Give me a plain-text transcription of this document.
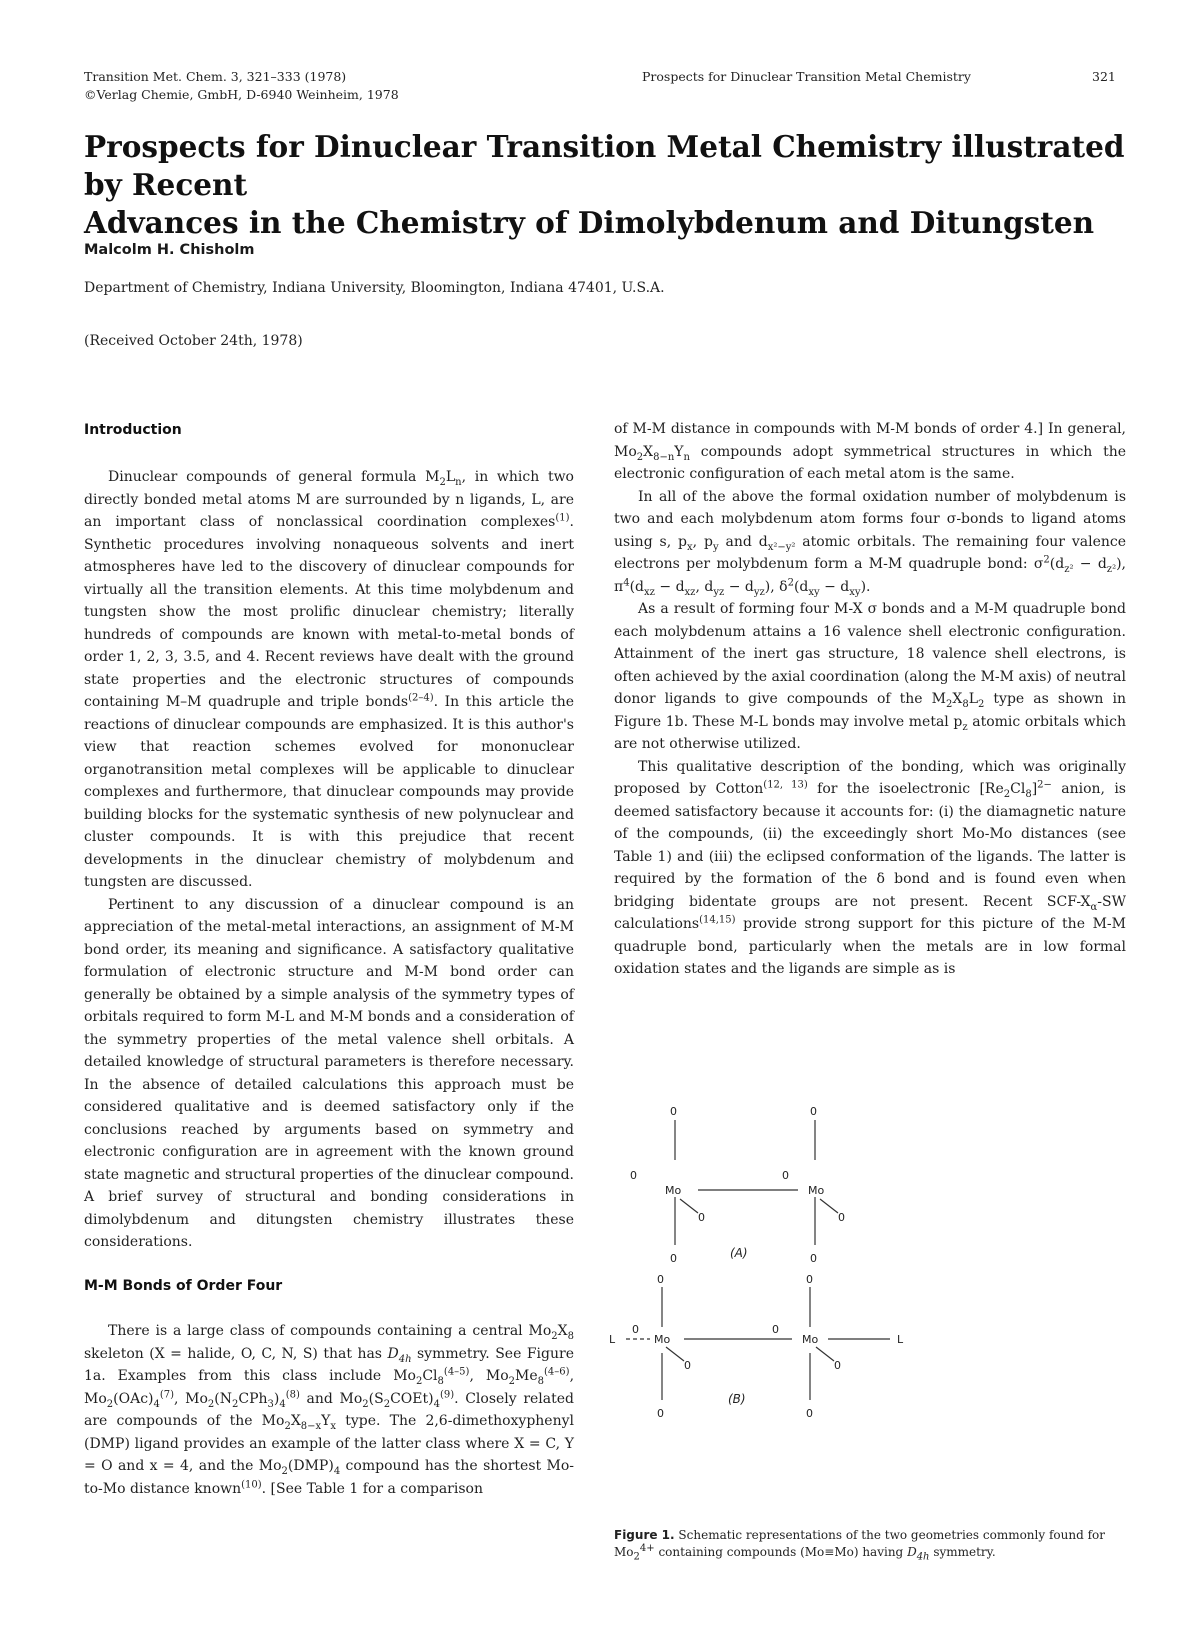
Transition Met. Chem. 3, 321–333 (1978)
©Verlag Chemie, GmbH, D-6940 Weinheim, 1978
Prospects for Dinuclear Transition Metal Chemistry	321
Prospects for Dinuclear Transition Metal Chemistry illustrated by Recent
Advances in the Chemistry of Dimolybdenum and Ditungsten
Malcolm H. Chisholm
Department of Chemistry, Indiana University, Bloomington, Indiana 47401, U.S.A.
(Received October 24th, 1978)
Introduction

Dinuclear compounds of general formula $M_2L_n$, in which two directly bonded metal atoms M are surrounded by n ligands, L, are an important class of nonclassical coordination complexes$^{(1)}$. Synthetic procedures involving nonaqueous solvents and inert atmospheres have led to the discovery of dinuclear compounds for virtually all the transition elements. At this time molybdenum and tungsten show the most prolific dinuclear chemistry; literally hundreds of compounds are known with metal-to-metal bonds of order 1, 2, 3, 3.5, and 4. Recent reviews have dealt with the ground state properties and the electronic structures of compounds containing M–M quadruple and triple bonds$^{(2-4)}$. In this article the reactions of dinuclear compounds are emphasized. It is this author's view that reaction schemes evolved for mononuclear organotransition metal complexes will be applicable to dinuclear complexes and furthermore, that dinuclear compounds may provide building blocks for the systematic synthesis of new polynuclear and cluster compounds. It is with this prejudice that recent developments in the dinuclear chemistry of molybdenum and tungsten are discussed.

Pertinent to any discussion of a dinuclear compound is an appreciation of the metal-metal interactions, an assignment of M-M bond order, its meaning and significance. A satisfactory qualitative formulation of electronic structure and M-M bond order can generally be obtained by a simple analysis of the symmetry types of orbitals required to form M-L and M-M bonds and a consideration of the symmetry properties of the metal valence shell orbitals. A detailed knowledge of structural parameters is therefore necessary. In the absence of detailed calculations this approach must be considered qualitative and is deemed satisfactory only if the conclusions reached by arguments based on symmetry and electronic configuration are in agreement with the known ground state magnetic and structural properties of the dinuclear compound. A brief survey of structural and bonding considerations in dimolybdenum and ditungsten chemistry illustrates these considerations.

M-M Bonds of Order Four

There is a large class of compounds containing a central $Mo_2X_8$ skeleton (X = halide, O, C, N, S) that has $D_{4h}$ symmetry. See Figure 1a. Examples from this class include $Mo_2Cl_8^{(4-5)}$, $Mo_2Me_8^{(4-6)}$, $Mo_2(OAc)_4^{(7)}$, $Mo_2(N_2CPh_3)_4^{(8)}$ and $Mo_2(S_2COEt)_4^{(9)}$. Closely related are compounds of the $Mo_2X_{8-x}Y_x$ type. The 2,6-dimethoxyphenyl (DMP) ligand provides an example of the latter class where X = C, Y = O and x = 4, and the $Mo_2(DMP)_4$ compound has the shortest Mo-to-Mo distance known$^{(10)}$. [See Table 1 for a comparison

of M-M distance in compounds with M-M bonds of order 4.] In general, $Mo_2X_{8-n}Y_n$ compounds adopt symmetrical structures in which the electronic configuration of each metal atom is the same.

In all of the above the formal oxidation number of molybdenum is two and each molybdenum atom forms four σ-bonds to ligand atoms using s, $p_x$, $p_y$ and $d_{x^2-y^2}$ atomic orbitals. The remaining four valence electrons per molybdenum form a M-M quadruple bond: $\sigma^2(d_{z^2} - d_{z^2})$, $\pi^4(d_{xz} - d_{xz}$, $d_{yz} - d_{yz}$), $\delta^2(d_{xy} - d_{xy})$.

As a result of forming four M-X σ bonds and a M-M quadruple bond each molybdenum attains a 16 valence shell electronic configuration. Attainment of the inert gas structure, 18 valence shell electrons, is often achieved by the axial coordination (along the M-M axis) of neutral donor ligands to give compounds of the $M_2X_8L_2$ type as shown in Figure 1b. These M-L bonds may involve metal $p_z$ atomic orbitals which are not otherwise utilized.

This qualitative description of the bonding, which was originally proposed by Cotton$^{(12, 13)}$ for the isoelectronic $[Re_2Cl_8]^{2-}$ anion, is deemed satisfactory because it accounts for: (i) the diamagnetic nature of the compounds, (ii) the exceedingly short Mo-Mo distances (see Table 1) and (iii) the eclipsed conformation of the ligands. The latter is required by the formation of the δ bond and is found even when bridging bidentate groups are not present. Recent SCF-$X_\alpha-SW$ calculations$^{(14,15)}$ provide strong support for this picture of the M-M quadruple bond, particularly when the metals are in low formal oxidation states and the ligands are simple as is

0	0
0	0
Mo	Mo
0	0
0	0
(A)
0	0
0	0
L	L
Mo	Mo
0	0
0	0
(B)
Figure 1. Schematic representations of the two geometries commonly found for $Mo_2^{4+}$ containing compounds (Mo≡Mo) having $D_{4h}$ symmetry.
